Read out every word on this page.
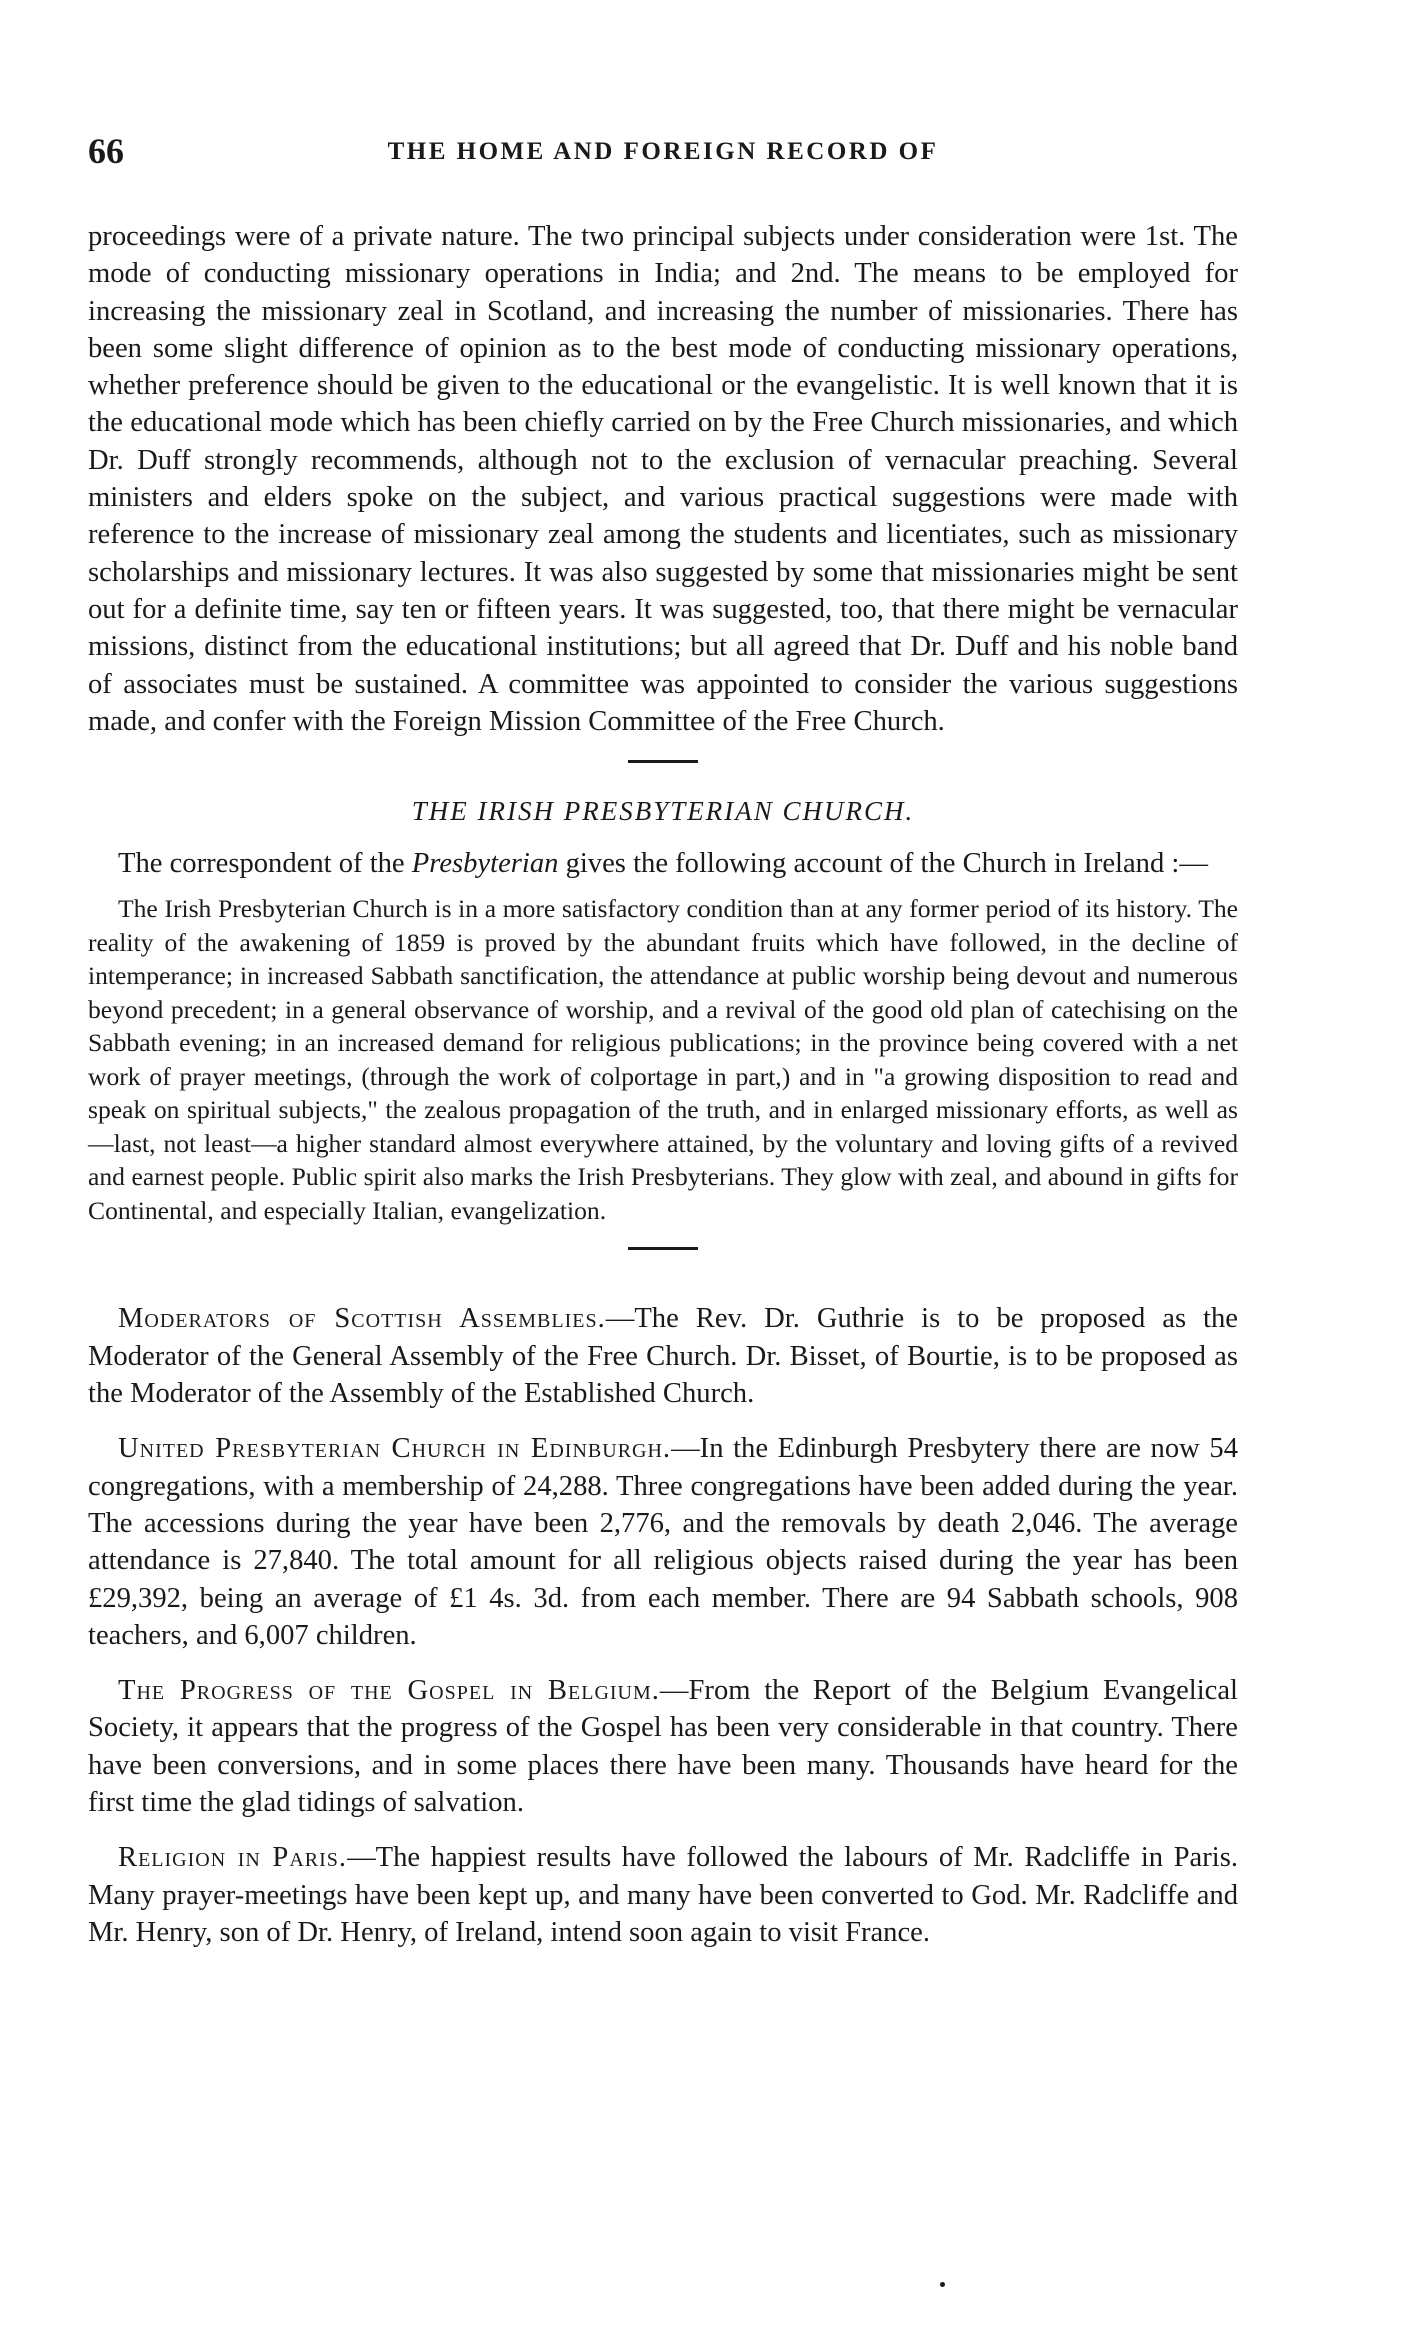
66	THE HOME AND FOREIGN RECORD OF

proceedings were of a private nature. The two principal subjects under consideration were 1st. The mode of conducting missionary operations in India; and 2nd. The means to be employed for increasing the missionary zeal in Scotland, and increasing the number of missionaries. There has been some slight difference of opinion as to the best mode of conducting missionary operations, whether preference should be given to the educational or the evangelistic. It is well known that it is the educational mode which has been chiefly carried on by the Free Church missionaries, and which Dr. Duff strongly recommends, although not to the exclusion of vernacular preaching. Several ministers and elders spoke on the subject, and various practical suggestions were made with reference to the increase of missionary zeal among the students and licentiates, such as missionary scholarships and missionary lectures. It was also suggested by some that missionaries might be sent out for a definite time, say ten or fifteen years. It was suggested, too, that there might be vernacular missions, distinct from the educational institutions; but all agreed that Dr. Duff and his noble band of associates must be sustained. A committee was appointed to consider the various suggestions made, and confer with the Foreign Mission Committee of the Free Church.

THE IRISH PRESBYTERIAN CHURCH.

The correspondent of the Presbyterian gives the following account of the Church in Ireland :—

The Irish Presbyterian Church is in a more satisfactory condition than at any former period of its history. The reality of the awakening of 1859 is proved by the abundant fruits which have followed, in the decline of intemperance; in increased Sabbath sanctification, the attendance at public worship being devout and numerous beyond precedent; in a general observance of worship, and a revival of the good old plan of catechising on the Sabbath evening; in an increased demand for religious publications; in the province being covered with a net work of prayer meetings, (through the work of colportage in part,) and in "a growing disposition to read and speak on spiritual subjects," the zealous propagation of the truth, and in enlarged missionary efforts, as well as—last, not least—a higher standard almost everywhere attained, by the voluntary and loving gifts of a revived and earnest people. Public spirit also marks the Irish Presbyterians. They glow with zeal, and abound in gifts for Continental, and especially Italian, evangelization.

Moderators of Scottish Assemblies.—The Rev. Dr. Guthrie is to be proposed as the Moderator of the General Assembly of the Free Church. Dr. Bisset, of Bourtie, is to be proposed as the Moderator of the Assembly of the Established Church.

United Presbyterian Church in Edinburgh.—In the Edinburgh Presbytery there are now 54 congregations, with a membership of 24,288. Three congregations have been added during the year. The accessions during the year have been 2,776, and the removals by death 2,046. The average attendance is 27,840. The total amount for all religious objects raised during the year has been £29,392, being an average of £1 4s. 3d. from each member. There are 94 Sabbath schools, 908 teachers, and 6,007 children.

The Progress of the Gospel in Belgium.—From the Report of the Belgium Evangelical Society, it appears that the progress of the Gospel has been very considerable in that country. There have been conversions, and in some places there have been many. Thousands have heard for the first time the glad tidings of salvation.

Religion in Paris.—The happiest results have followed the labours of Mr. Radcliffe in Paris. Many prayer-meetings have been kept up, and many have been converted to God. Mr. Radcliffe and Mr. Henry, son of Dr. Henry, of Ireland, intend soon again to visit France.
